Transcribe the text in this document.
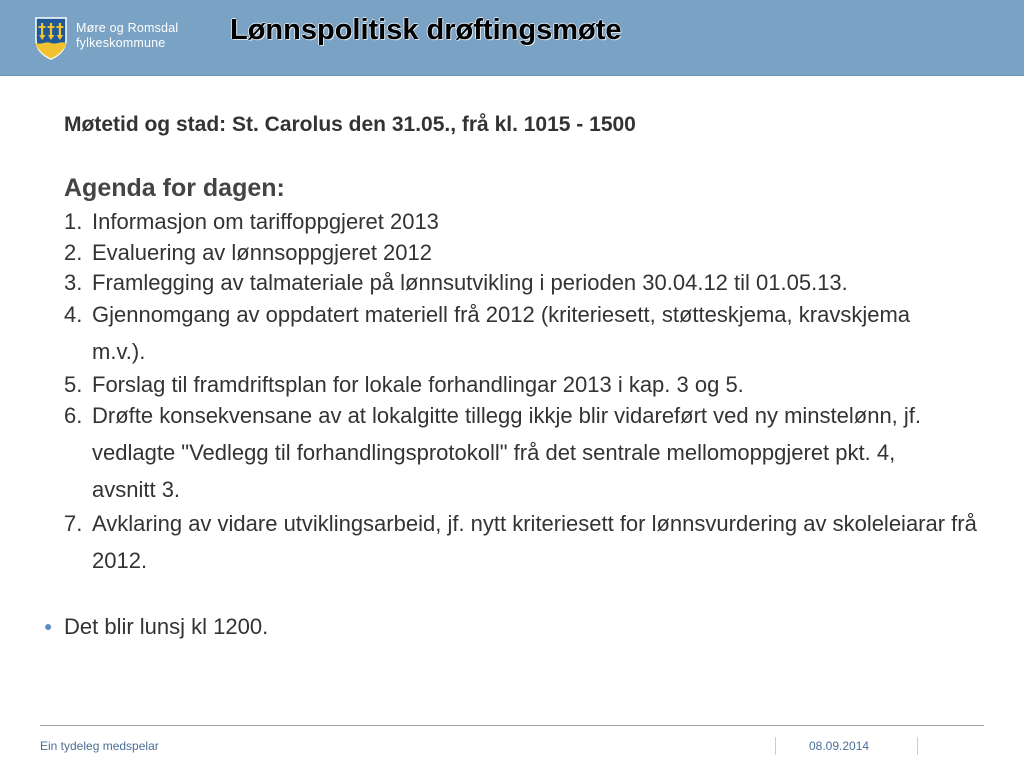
Møre og Romsdal
fylkeskommune	Lønnspolitisk drøftingsmøte
Møtetid og stad: St. Carolus den 31.05., frå kl. 1015 - 1500
Agenda for dagen:
1. Informasjon om tariffoppgjeret 2013
2. Evaluering av lønnsoppgjeret 2012
3. Framlegging av talmateriale på lønnsutvikling i perioden 30.04.12 til 01.05.13.
4. Gjennomgang av oppdatert materiell frå 2012 (kriteriesett, støtteskjema, kravskjema m.v.).
5. Forslag til framdriftsplan for lokale forhandlingar 2013 i kap. 3 og 5.
6. Drøfte konsekvensane av at lokalgitte tillegg ikkje blir vidareført ved ny minstelønn, jf. vedlagte "Vedlegg til forhandlingsprotokoll" frå det sentrale mellomoppgjeret pkt. 4, avsnitt 3.
7. Avklaring av vidare utviklingsarbeid, jf. nytt kriteriesett for lønnsvurdering av skoleleiarar frå 2012.
● Det blir lunsj kl 1200.
Ein tydeleg medspelar	08.09.2014
